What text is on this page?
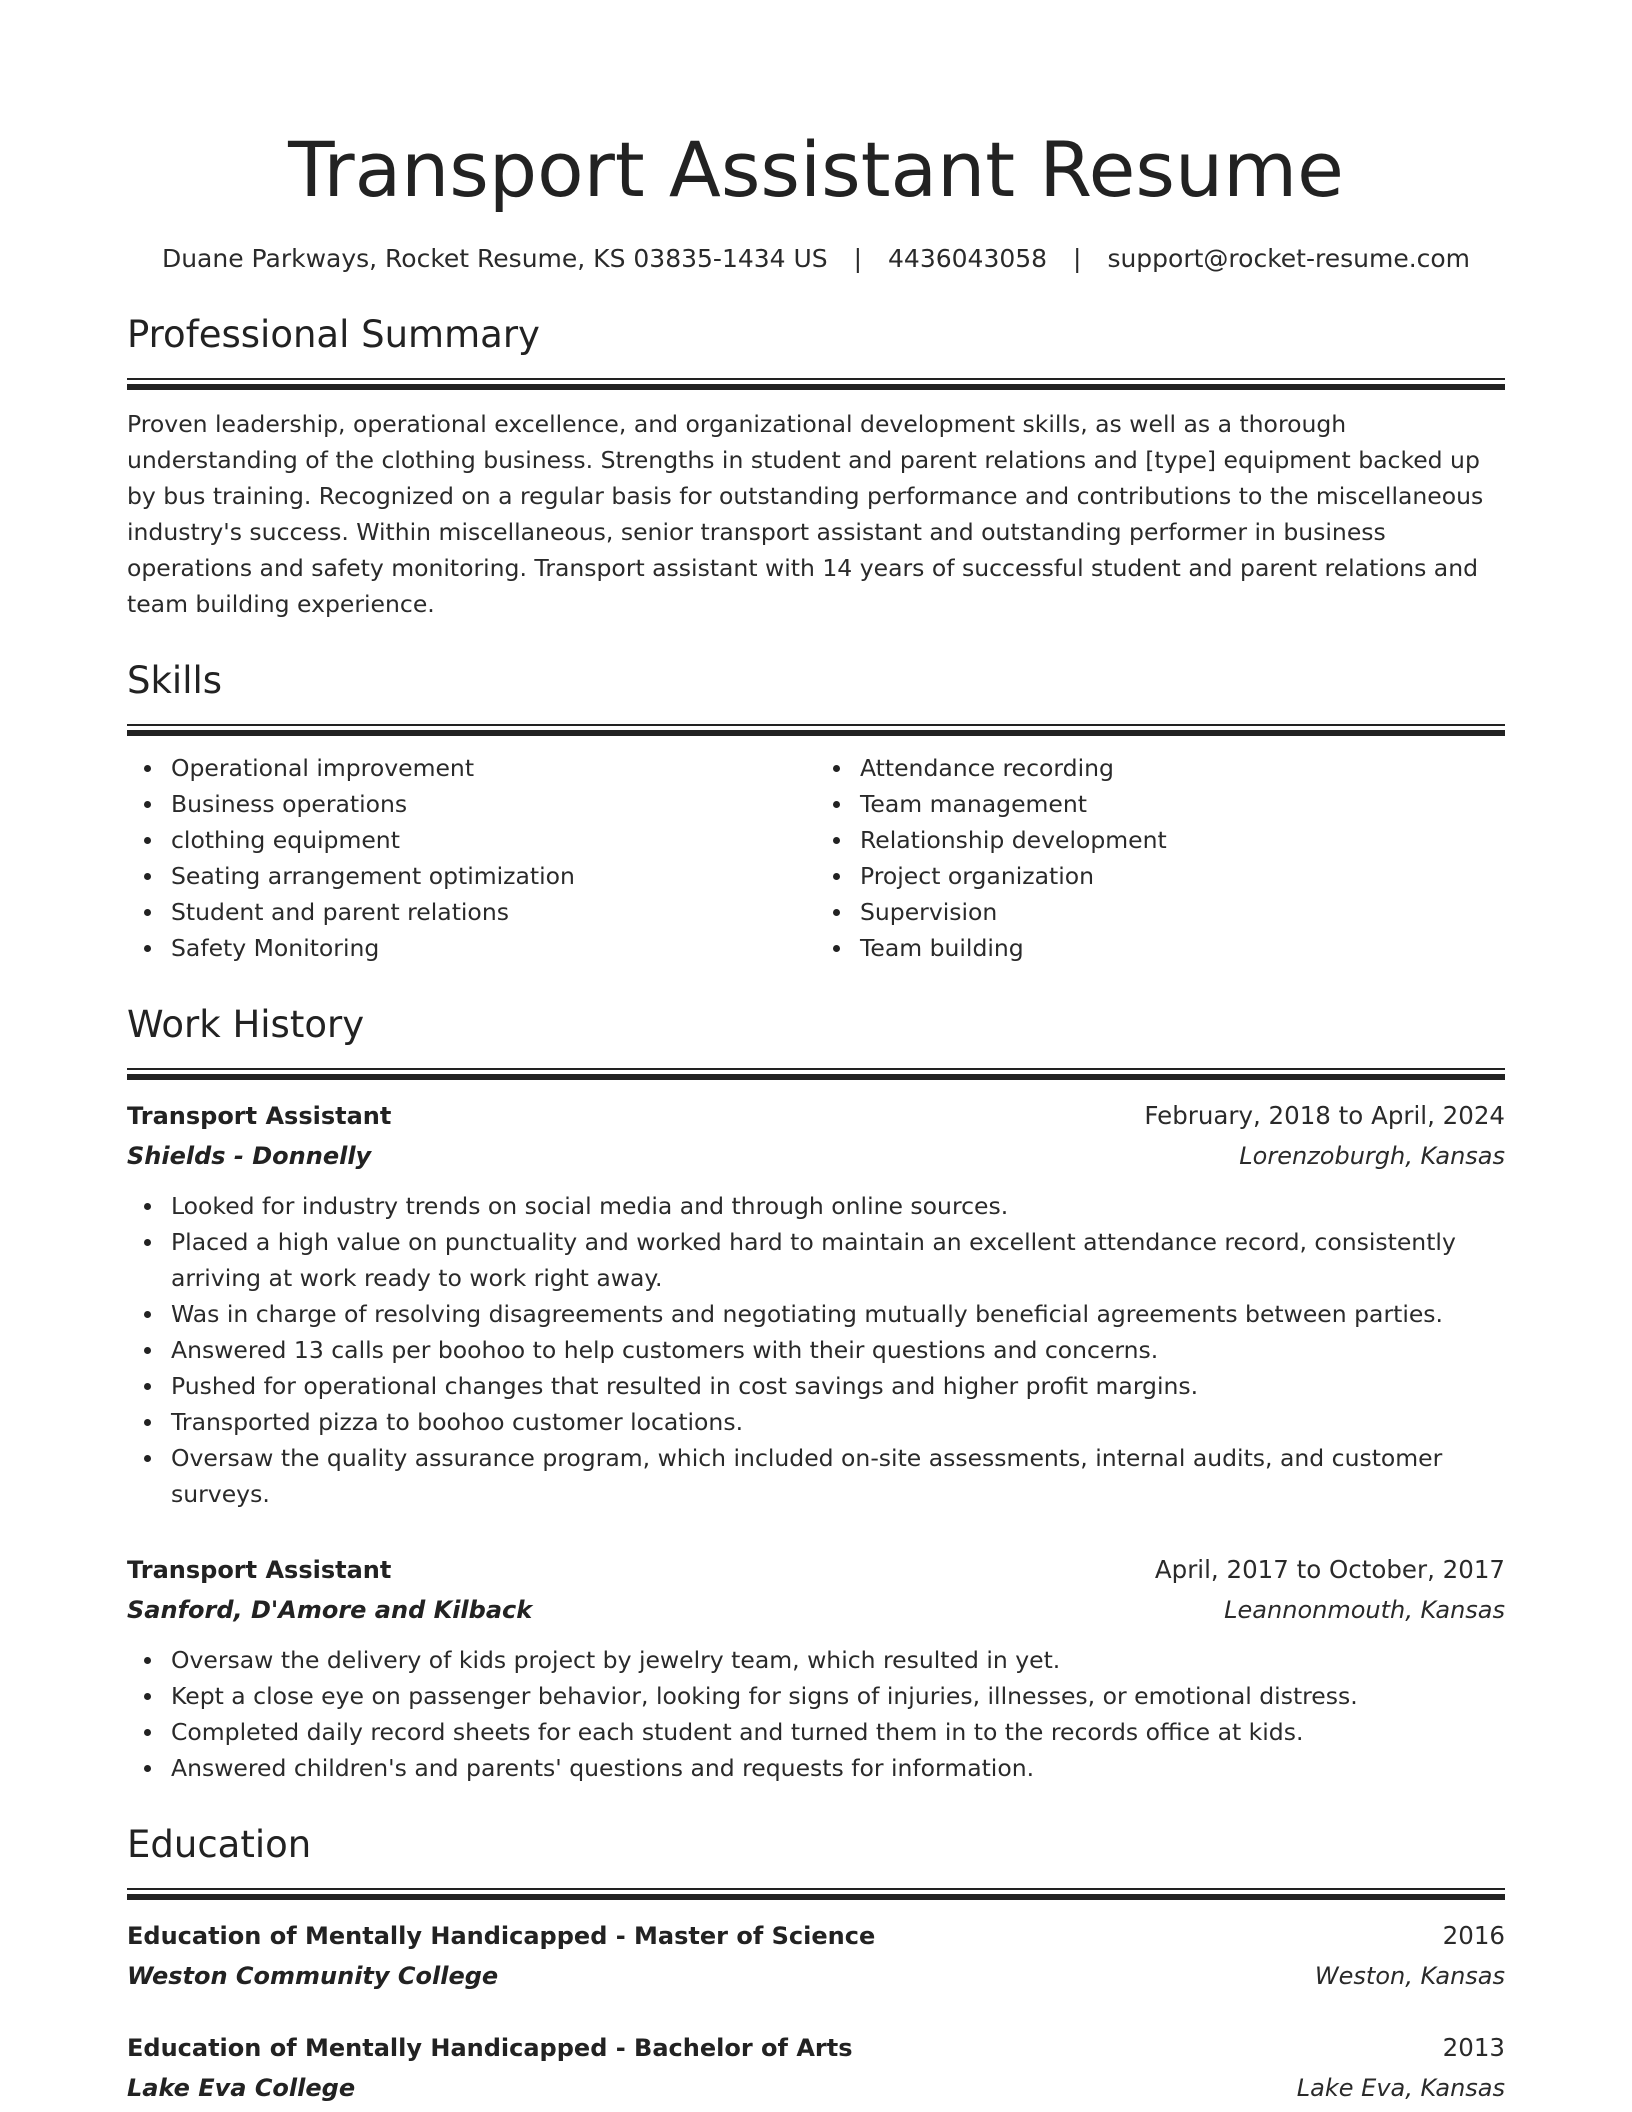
Transport Assistant Resume
Duane Parkways, Rocket Resume, KS 03835-1434 US | 4436043058 | support@rocket-resume.com
Professional Summary
Proven leadership, operational excellence, and organizational development skills, as well as a thorough understanding of the clothing business. Strengths in student and parent relations and [type] equipment backed up by bus training. Recognized on a regular basis for outstanding performance and contributions to the miscellaneous industry's success. Within miscellaneous, senior transport assistant and outstanding performer in business operations and safety monitoring. Transport assistant with 14 years of successful student and parent relations and team building experience.
Skills
Operational improvement
Business operations
clothing equipment
Seating arrangement optimization
Student and parent relations
Safety Monitoring
Attendance recording
Team management
Relationship development
Project organization
Supervision
Team building
Work History
Transport Assistant	February, 2018 to April, 2024
Shields - Donnelly	Lorenzoburgh, Kansas
Looked for industry trends on social media and through online sources.
Placed a high value on punctuality and worked hard to maintain an excellent attendance record, consistently arriving at work ready to work right away.
Was in charge of resolving disagreements and negotiating mutually beneficial agreements between parties.
Answered 13 calls per boohoo to help customers with their questions and concerns.
Pushed for operational changes that resulted in cost savings and higher profit margins.
Transported pizza to boohoo customer locations.
Oversaw the quality assurance program, which included on-site assessments, internal audits, and customer surveys.
Transport Assistant	April, 2017 to October, 2017
Sanford, D'Amore and Kilback	Leannonmouth, Kansas
Oversaw the delivery of kids project by jewelry team, which resulted in yet.
Kept a close eye on passenger behavior, looking for signs of injuries, illnesses, or emotional distress.
Completed daily record sheets for each student and turned them in to the records office at kids.
Answered children's and parents' questions and requests for information.
Education
Education of Mentally Handicapped - Master of Science	2016
Weston Community College	Weston, Kansas
Education of Mentally Handicapped - Bachelor of Arts	2013
Lake Eva College	Lake Eva, Kansas
